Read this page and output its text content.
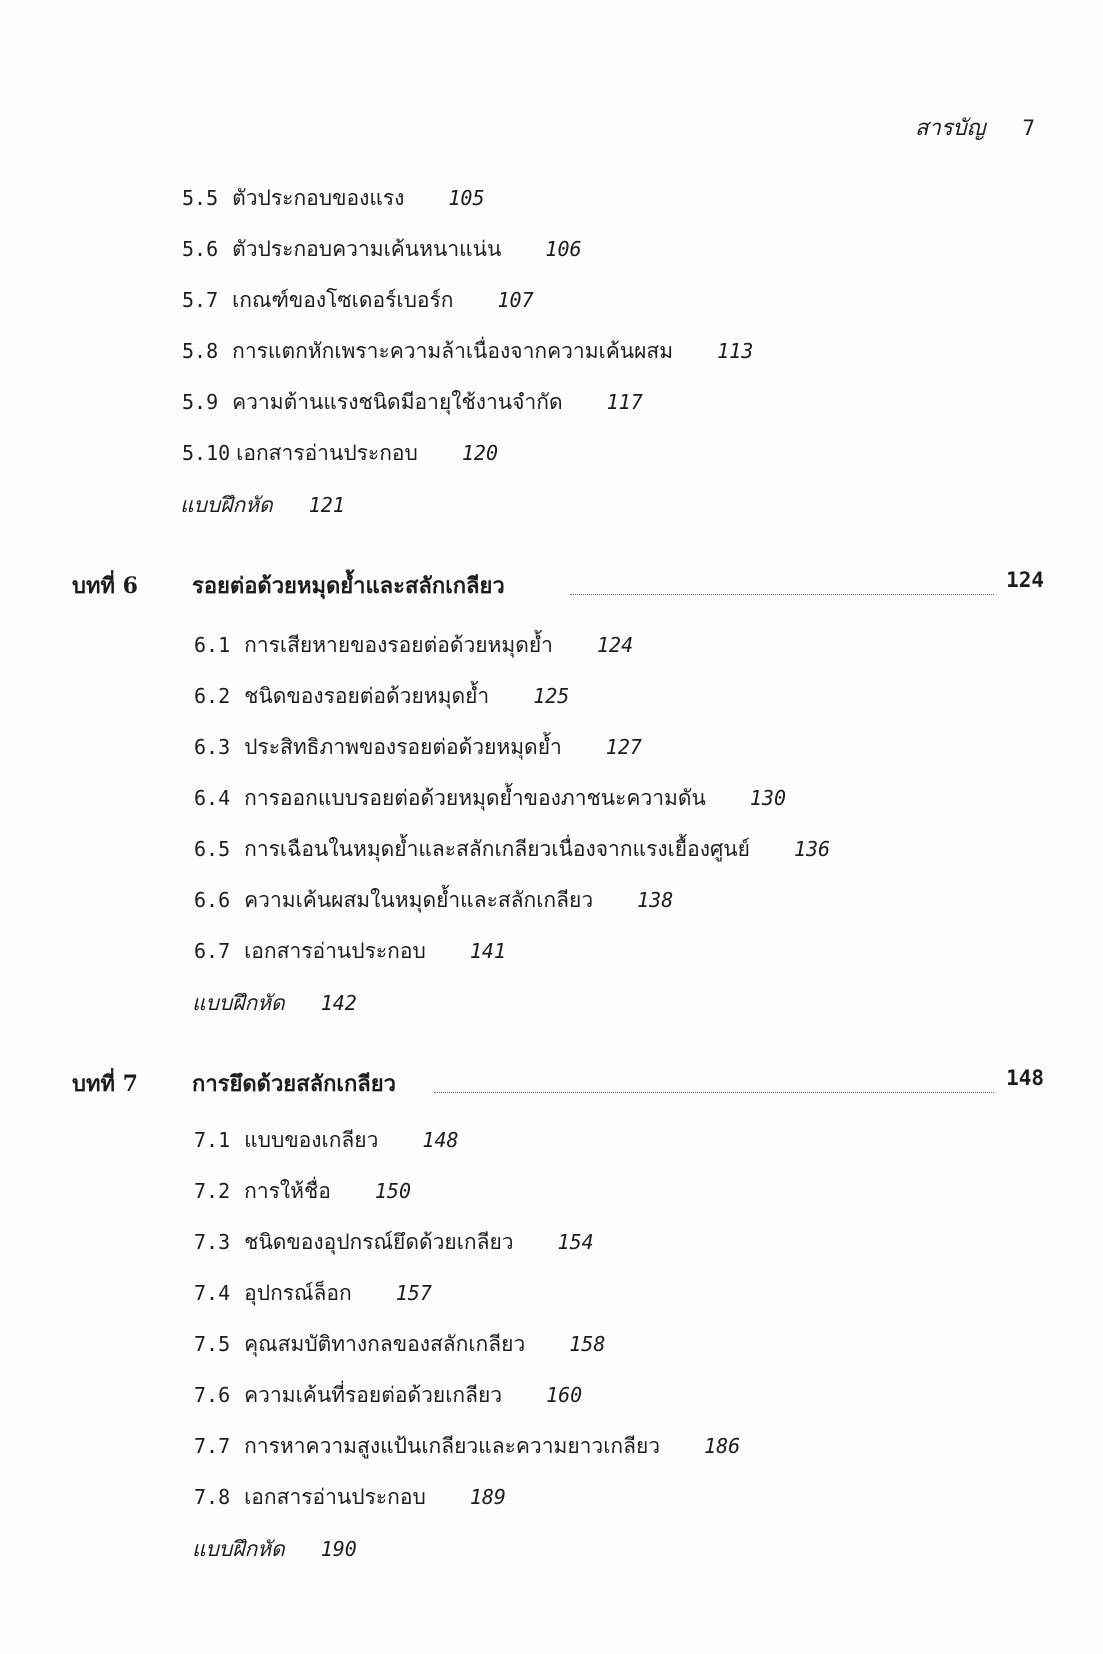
สารบัญ 7
5.5 ตัวประกอบของแรง 105
5.6 ตัวประกอบความเค้นหนาแน่น 106
5.7 เกณฑ์ของโซเดอร์เบอร์ก 107
5.8 การแตกหักเพราะความล้าเนื่องจากความเค้นผสม 113
5.9 ความต้านแรงชนิดมีอายุใช้งานจำกัด 117
5.10 เอกสารอ่านประกอบ 120
แบบฝึกหัด 121
บทที่ 6 รอยต่อด้วยหมุดย้ำและสลักเกลียว	124
6.1 การเสียหายของรอยต่อด้วยหมุดย้ำ 124
6.2 ชนิดของรอยต่อด้วยหมุดย้ำ 125
6.3 ประสิทธิภาพของรอยต่อด้วยหมุดย้ำ 127
6.4 การออกแบบรอยต่อด้วยหมุดย้ำของภาชนะความดัน 130
6.5 การเฉือนในหมุดย้ำและสลักเกลียวเนื่องจากแรงเยื้องศูนย์ 136
6.6 ความเค้นผสมในหมุดย้ำและสลักเกลียว 138
6.7 เอกสารอ่านประกอบ 141
แบบฝึกหัด 142
บทที่ 7 การยึดด้วยสลักเกลียว	148
7.1 แบบของเกลียว 148
7.2 การให้ชื่อ 150
7.3 ชนิดของอุปกรณ์ยึดด้วยเกลียว 154
7.4 อุปกรณ์ล็อก 157
7.5 คุณสมบัติทางกลของสลักเกลียว 158
7.6 ความเค้นที่รอยต่อด้วยเกลียว 160
7.7 การหาความสูงแป้นเกลียวและความยาวเกลียว 186
7.8 เอกสารอ่านประกอบ 189
แบบฝึกหัด 190
